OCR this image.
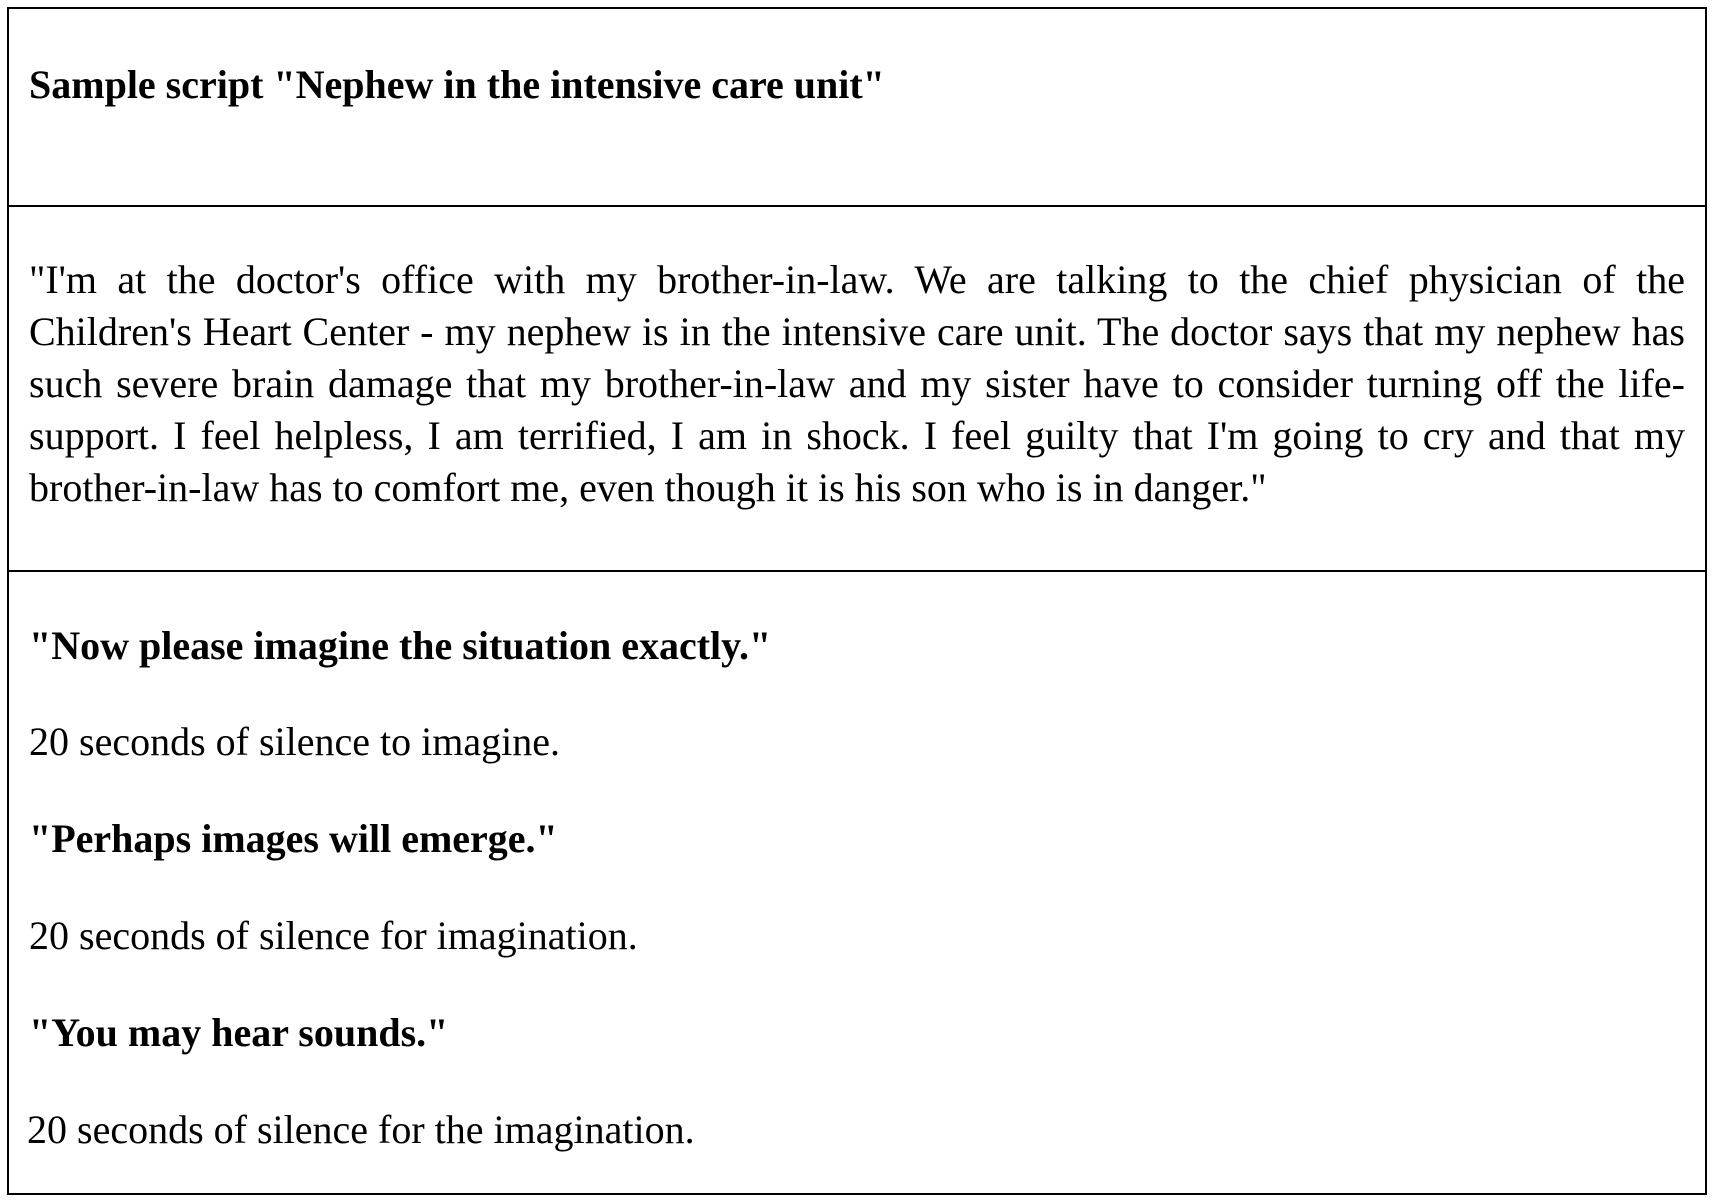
Sample script "Nephew in the intensive care unit"

"I'm at the doctor's office with my brother-in-law. We are talking to the chief physician of the Children's Heart Center - my nephew is in the intensive care unit. The doctor says that my nephew has such severe brain damage that my brother-in-law and my sister have to consider turning off the life-support. I feel helpless, I am terrified, I am in shock. I feel guilty that I'm going to cry and that my brother-in-law has to comfort me, even though it is his son who is in danger."

"Now please imagine the situation exactly."

20 seconds of silence to imagine.

"Perhaps images will emerge."

20 seconds of silence for imagination.

"You may hear sounds."

20 seconds of silence for the imagination.
